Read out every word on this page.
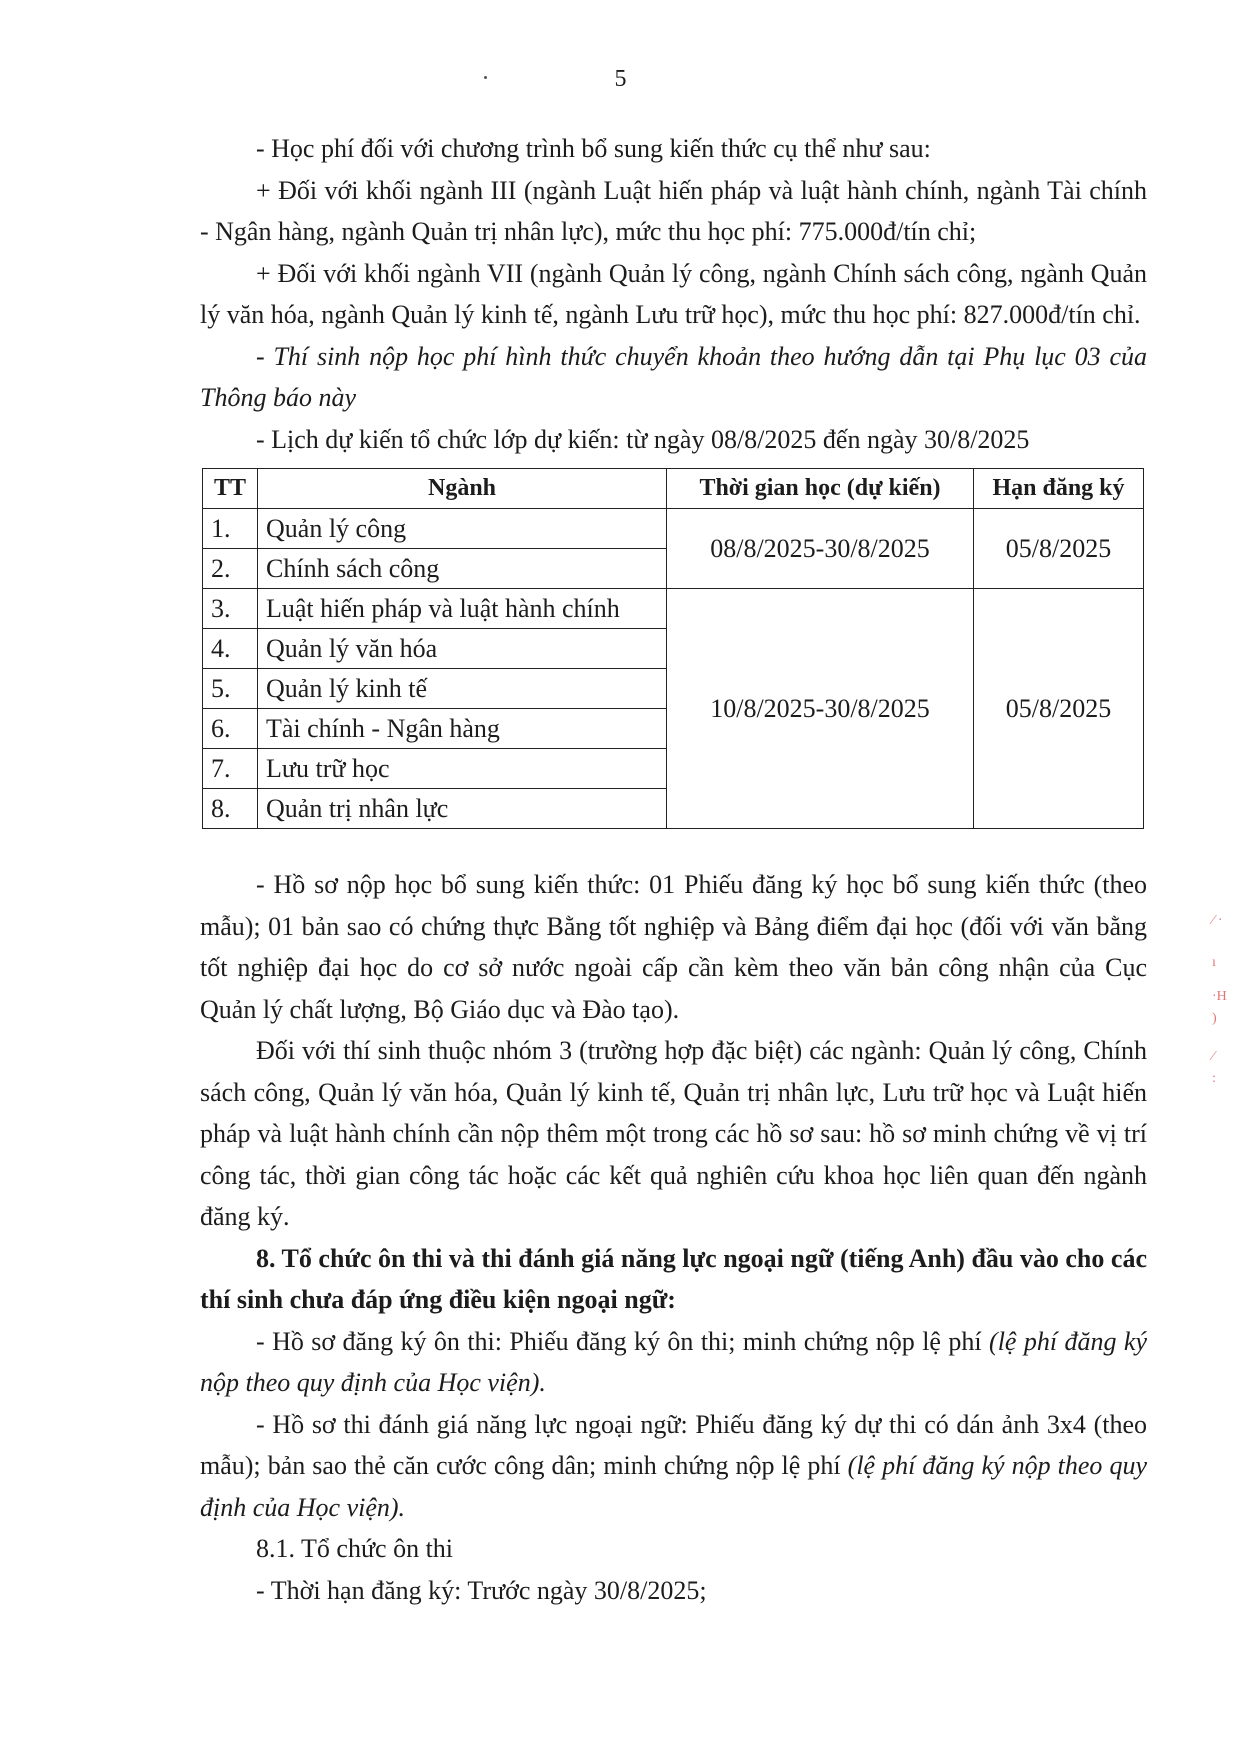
5

- Học phí đối với chương trình bổ sung kiến thức cụ thể như sau:

+ Đối với khối ngành III (ngành Luật hiến pháp và luật hành chính, ngành Tài chính - Ngân hàng, ngành Quản trị nhân lực), mức thu học phí: 775.000đ/tín chỉ;

+ Đối với khối ngành VII (ngành Quản lý công, ngành Chính sách công, ngành Quản lý văn hóa, ngành Quản lý kinh tế, ngành Lưu trữ học), mức thu học phí: 827.000đ/tín chỉ.

- Thí sinh nộp học phí hình thức chuyển khoản theo hướng dẫn tại Phụ lục 03 của Thông báo này

- Lịch dự kiến tổ chức lớp dự kiến: từ ngày 08/8/2025 đến ngày 30/8/2025

TT	Ngành	Thời gian học (dự kiến)	Hạn đăng ký
1.	Quản lý công	08/8/2025-30/8/2025	05/8/2025
2.	Chính sách công		
3.	Luật hiến pháp và luật hành chính	10/8/2025-30/8/2025	05/8/2025
4.	Quản lý văn hóa		
5.	Quản lý kinh tế		
6.	Tài chính - Ngân hàng		
7.	Lưu trữ học		
8.	Quản trị nhân lực		

- Hồ sơ nộp học bổ sung kiến thức: 01 Phiếu đăng ký học bổ sung kiến thức (theo mẫu); 01 bản sao có chứng thực Bằng tốt nghiệp và Bảng điểm đại học (đối với văn bằng tốt nghiệp đại học do cơ sở nước ngoài cấp cần kèm theo văn bản công nhận của Cục Quản lý chất lượng, Bộ Giáo dục và Đào tạo).

Đối với thí sinh thuộc nhóm 3 (trường hợp đặc biệt) các ngành: Quản lý công, Chính sách công, Quản lý văn hóa, Quản lý kinh tế, Quản trị nhân lực, Lưu trữ học và Luật hiến pháp và luật hành chính cần nộp thêm một trong các hồ sơ sau: hồ sơ minh chứng về vị trí công tác, thời gian công tác hoặc các kết quả nghiên cứu khoa học liên quan đến ngành đăng ký.

8. Tổ chức ôn thi và thi đánh giá năng lực ngoại ngữ (tiếng Anh) đầu vào cho các thí sinh chưa đáp ứng điều kiện ngoại ngữ:

- Hồ sơ đăng ký ôn thi: Phiếu đăng ký ôn thi; minh chứng nộp lệ phí (lệ phí đăng ký nộp theo quy định của Học viện).

- Hồ sơ thi đánh giá năng lực ngoại ngữ: Phiếu đăng ký dự thi có dán ảnh 3x4 (theo mẫu); bản sao thẻ căn cước công dân; minh chứng nộp lệ phí (lệ phí đăng ký nộp theo quy định của Học viện).

8.1. Tổ chức ôn thi

- Thời hạn đăng ký: Trước ngày 30/8/2025;

⁄ ·
ı
·H
)
⁄
:
